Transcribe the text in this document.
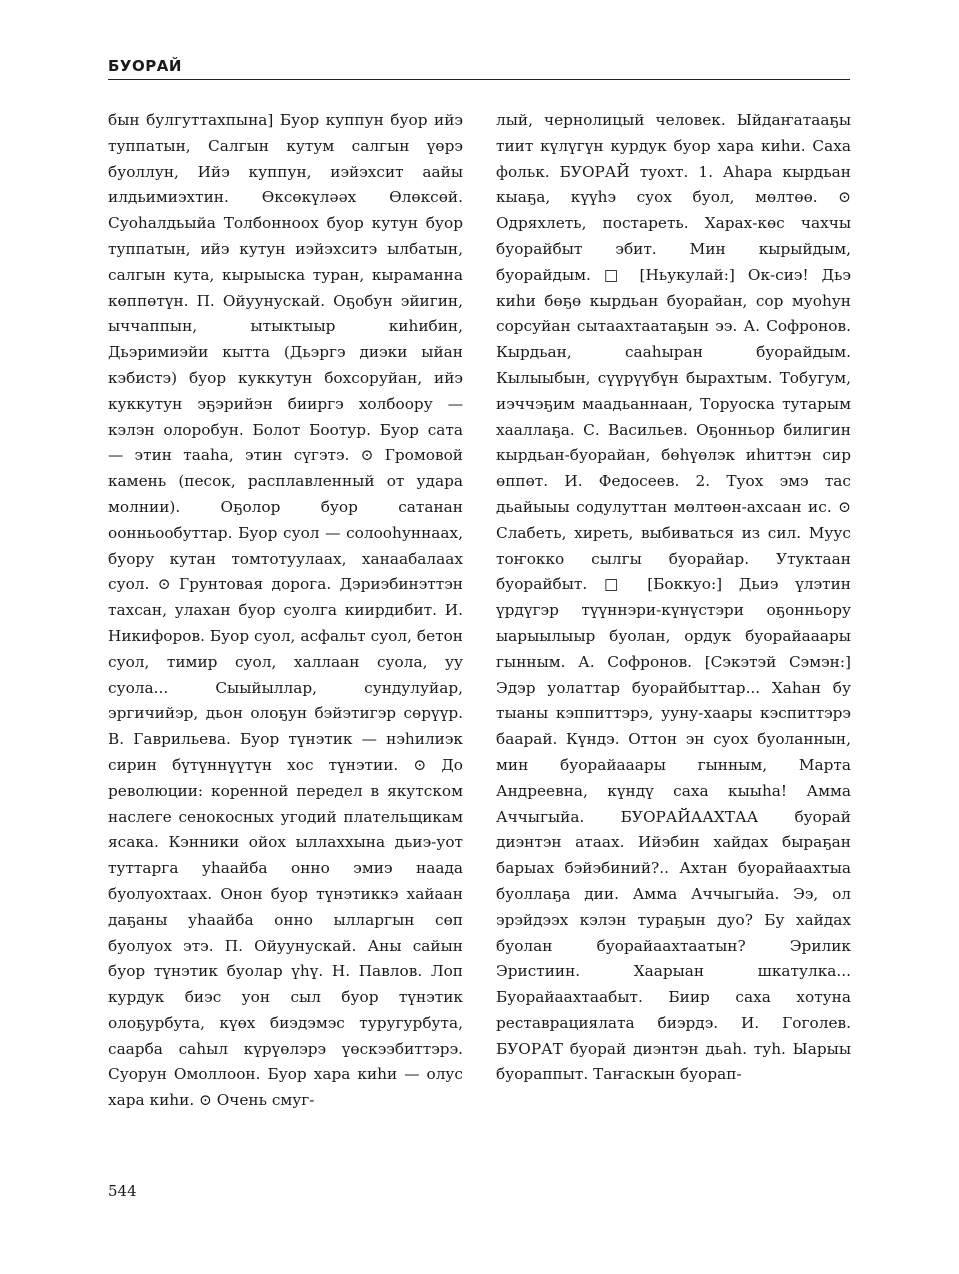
БУОРАЙ

бын булгуттахпына] Буор куппун буор ийэ туппатын, Салгын кутум салгын үөрэ буоллун, Ийэ куппун, иэйэхсит аайы илдьимиэхтин. Өксөкүләәх Өлөксөй. Суоһалдьыйа Толбонноох буор кутун буор туппатын, ийэ кутун иэйэхситэ ылбатын, салгын кута, кырыыска туран, кыраманна көппөтүн. П. Ойуунускай. Оҕобун эйигин, ыччаппын, ытыктыыр киһибин, Дьэримиэйи кытта (Дьэргэ диэки ыйан кэбистэ) буор куккутун бохсоруйан, ийэ куккутун эҕэрийэн бииргэ холбоору — кэлэн олоробун. Болот Боотур. Буор сата — этин тааһа, этин сүгэтэ. ⊙ Громовой камень (песок, расплавленный от удара молнии). Оҕолор буор сатанан оонньообуттар. Буор суол — солооһуннаах, буору кутан томтотуулаах, ханаабалаах суол. ⊙ Грунтовая дорога. Дэриэбинэттэн тахсан, улахан буор суолга киирдибит. И. Никифоров. Буор суол, асфальт суол, бетон суол, тимир суол, халлаан суола, уу суола... Сыыйыллар, сундулуйар, эргичийэр, дьон олоҕун бэйэтигэр сөрүүр. В. Гаврильева. Буор түнэтик — нэһилиэк сирин бүтүннүүтүн хос түнэтии. ⊙ До революции: коренной передел в якутском наслеге сенокосных угодий плательщикам ясака. Кэнники ойох ыллаххына дьиэ-уот туттарга уһаайба онно эмиэ наада буолуохтаах. Онон буор түнэтиккэ хайаан даҕаны уһаайба онно ылларгын сөп буолуох этэ. П. Ойуунускай. Аны сайын буор түнэтик буолар үһү. Н. Павлов. Лоп курдук биэс уон сыл буор түнэтик олоҕурбута, күөх биэдэмэс туругурбута, саарба саһыл күрүөлэрэ үөскээбиттэрэ. Суорун Омоллоон. Буор хара киһи — олус хара киһи. ⊙ Очень смуг-

лый, чернолицый человек. Ыйдаҥатааҕы тиит күлүгүн курдук буор хара киһи. Саха фольк. БУОРАЙ туохт. 1. Аһара кырдьан кыаҕа, күүһэ суох буол, мөлтөө. ⊙ Одряхлеть, постареть. Харах-көс чахчы буорайбыт эбит. Мин кырыйдым, буорайдым. □ [Ньукулай:] Ок-сиэ! Дьэ киһи бөҕө кырдьан буорайан, сор муоһун сорсуйан сытаахтаатаҕын ээ. А. Софронов. Кырдьан, сааһыран буорайдым. Кылыыбын, сүүрүүбүн бырахтым. Тобугум, иэччэҕим маадьаннаан, Торуоска тутарым хааллаҕа. С. Васильев. Оҕонньор билигин кырдьан-буорайан, бөһүөлэк иһиттэн сир өппөт. И. Федосеев. 2. Туох эмэ тас дьайыыы содулуттан мөлтөөн-ахсаан ис. ⊙ Слабеть, хиреть, выбиваться из сил. Муус тоҥокко сылгы буорайар. Утуктаан буорайбыт. □ [Боккуо:] Дьиэ үлэтин үрдүгэр түүннэри-күнүстэри оҕонньору ыарыылыыр буолан, ордук буорайааары гынным. А. Софронов. [Сэкэтэй Сэмэн:] Эдэр уолаттар буорайбыттар... Хаһан бу тыаны кэппиттэрэ, ууну-хаары кэспиттэрэ баарай. Күндэ. Оттон эн суох буоланнын, мин буорайааары гынным, Марта Андреевна, күндү саха кыыһа! Амма Аччыгыйа. БУОРАЙААХТАА буорай диэнтэн атаах. Ийэбин хайдах быраҕан барыах бэйэбиний?.. Ахтан буорайаахтыа буоллаҕа дии. Амма Аччыгыйа. Ээ, ол эрэйдээх кэлэн тураҕын дуо? Бу хайдах буолан буорайаахтаатын? Эрилик Эристиин. Хаарыан шкатулка... Буорайаахтаабыт. Биир саха хотуна реставрациялата биэрдэ. И. Гоголев. БУОРАТ буорай диэнтэн дьаһ. туһ. Ыарыы буораппыт. Таҥаскын буорап-

544
